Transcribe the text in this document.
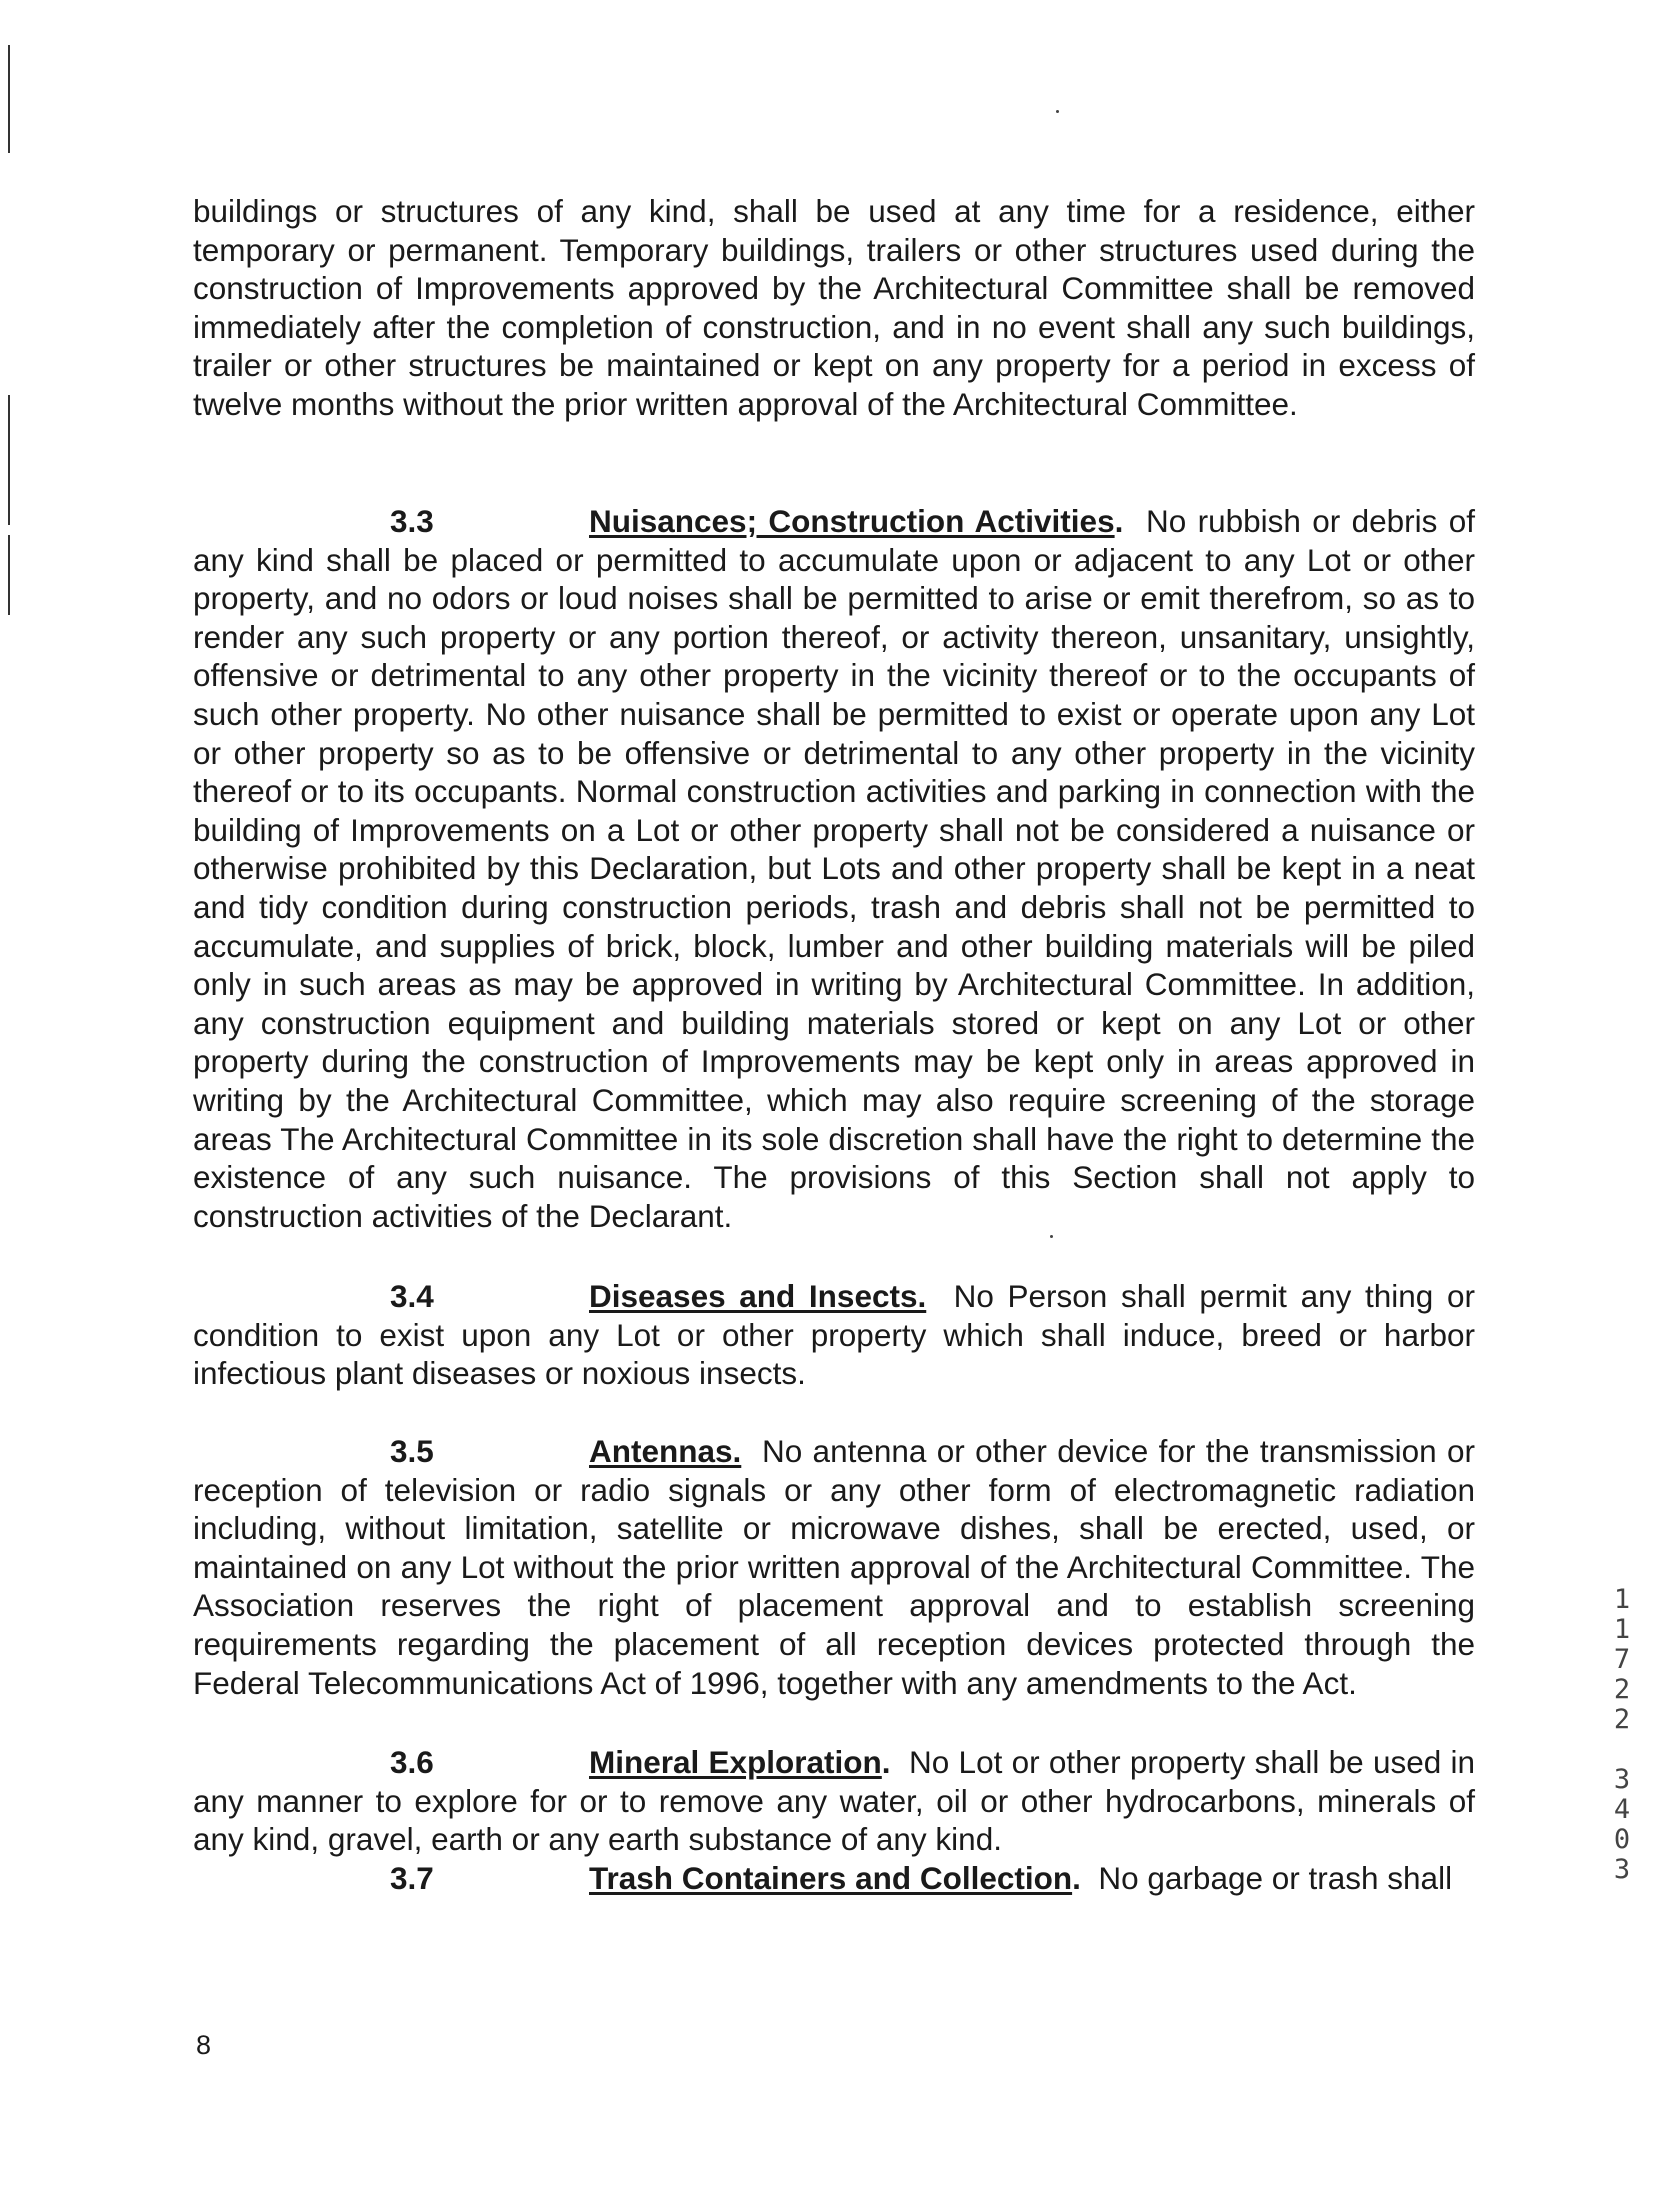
buildings or structures of any kind, shall be used at any time for a residence, either temporary or permanent. Temporary buildings, trailers or other structures used during the construction of Improvements approved by the Architectural Committee shall be removed immediately after the completion of construction, and in no event shall any such buildings, trailer or other structures be maintained or kept on any property for a period in excess of twelve months without the prior written approval of the Architectural Committee.

3.3	Nuisances; Construction Activities. No rubbish or debris of any kind shall be placed or permitted to accumulate upon or adjacent to any Lot or other property, and no odors or loud noises shall be permitted to arise or emit therefrom, so as to render any such property or any portion thereof, or activity thereon, unsanitary, unsightly, offensive or detrimental to any other property in the vicinity thereof or to the occupants of such other property. No other nuisance shall be permitted to exist or operate upon any Lot or other property so as to be offensive or detrimental to any other property in the vicinity thereof or to its occupants. Normal construction activities and parking in connection with the building of Improvements on a Lot or other property shall not be considered a nuisance or otherwise prohibited by this Declaration, but Lots and other property shall be kept in a neat and tidy condition during construction periods, trash and debris shall not be permitted to accumulate, and supplies of brick, block, lumber and other building materials will be piled only in such areas as may be approved in writing by Architectural Committee. In addition, any construction equipment and building materials stored or kept on any Lot or other property during the construction of Improvements may be kept only in areas approved in writing by the Architectural Committee, which may also require screening of the storage areas The Architectural Committee in its sole discretion shall have the right to determine the existence of any such nuisance. The provisions of this Section shall not apply to construction activities of the Declarant.

3.4	Diseases and Insects. No Person shall permit any thing or condition to exist upon any Lot or other property which shall induce, breed or harbor infectious plant diseases or noxious insects.

3.5	Antennas. No antenna or other device for the transmission or reception of television or radio signals or any other form of electromagnetic radiation including, without limitation, satellite or microwave dishes, shall be erected, used, or maintained on any Lot without the prior written approval of the Architectural Committee. The Association reserves the right of placement approval and to establish screening requirements regarding the placement of all reception devices protected through the Federal Telecommunications Act of 1996, together with any amendments to the Act.

3.6	Mineral Exploration. No Lot or other property shall be used in any manner to explore for or to remove any water, oil or other hydrocarbons, minerals of any kind, gravel, earth or any earth substance of any kind.

3.7	Trash Containers and Collection. No garbage or trash shall

8

1
1
7
2
2

3
4
0
3
